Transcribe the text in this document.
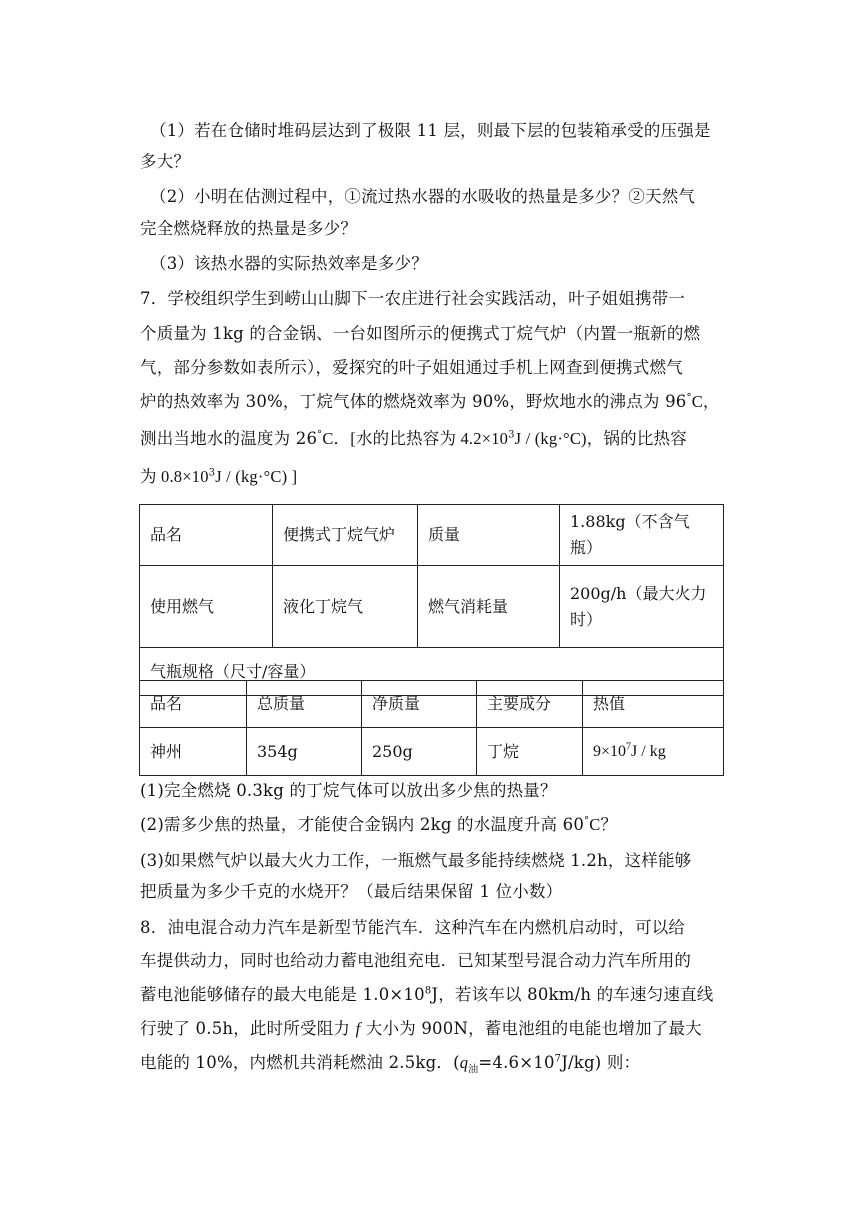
（1）若在仓储时堆码层达到了极限 11 层，则最下层的包装箱承受的压强是
多大？
（2）小明在估测过程中，①流过热水器的水吸收的热量是多少？②天然气
完全燃烧释放的热量是多少？
（3）该热水器的实际热效率是多少？
7．学校组织学生到崂山山脚下一农庄进行社会实践活动，叶子姐姐携带一
个质量为 1kg 的合金锅、一台如图所示的便携式丁烷气炉（内置一瓶新的燃
气，部分参数如表所示），爱探究的叶子姐姐通过手机上网查到便携式燃气
炉的热效率为 30%，丁烷气体的燃烧效率为 90%，野炊地水的沸点为 96°C，
测出当地水的温度为 26°C．[水的比热容为 $4.2\times 10^3J / (kg\cdot^\circ C)$，锅的比热容
为 $0.8\times 10^3J / (kg\cdot^\circ C)$ ]
品名	便携式丁烷气炉	质量	1.88kg（不含气瓶）
使用燃气	液化丁烷气	燃气消耗量	200g/h（最大火力时）
气瓶规格（尺寸/容量）			
品名	总质量	净质量	主要成分	热值
神州	354g	250g	丁烷	$9\times 10^7J$ / kg
(1)完全燃烧 0.3kg 的丁烷气体可以放出多少焦的热量？
(2)需多少焦的热量，才能使合金锅内 2kg 的水温度升高 60°C？
(3)如果燃气炉以最大火力工作，一瓶燃气最多能持续燃烧 1.2h，这样能够
把质量为多少千克的水烧开？（最后结果保留 1 位小数）
8．油电混合动力汽车是新型节能汽车．这种汽车在内燃机启动时，可以给
车提供动力，同时也给动力蓄电池组充电．已知某型号混合动力汽车所用的
蓄电池能够储存的最大电能是 $1.0\times 10^8J$，若该车以 80km/h 的车速匀速直线
行驶了 0.5h，此时所受阻力 f 大小为 900N，蓄电池组的电能也增加了最大
电能的 10%，内燃机共消耗燃油 2.5kg．$(q_油=4.6\times 10^7J/kg)$ 则：
